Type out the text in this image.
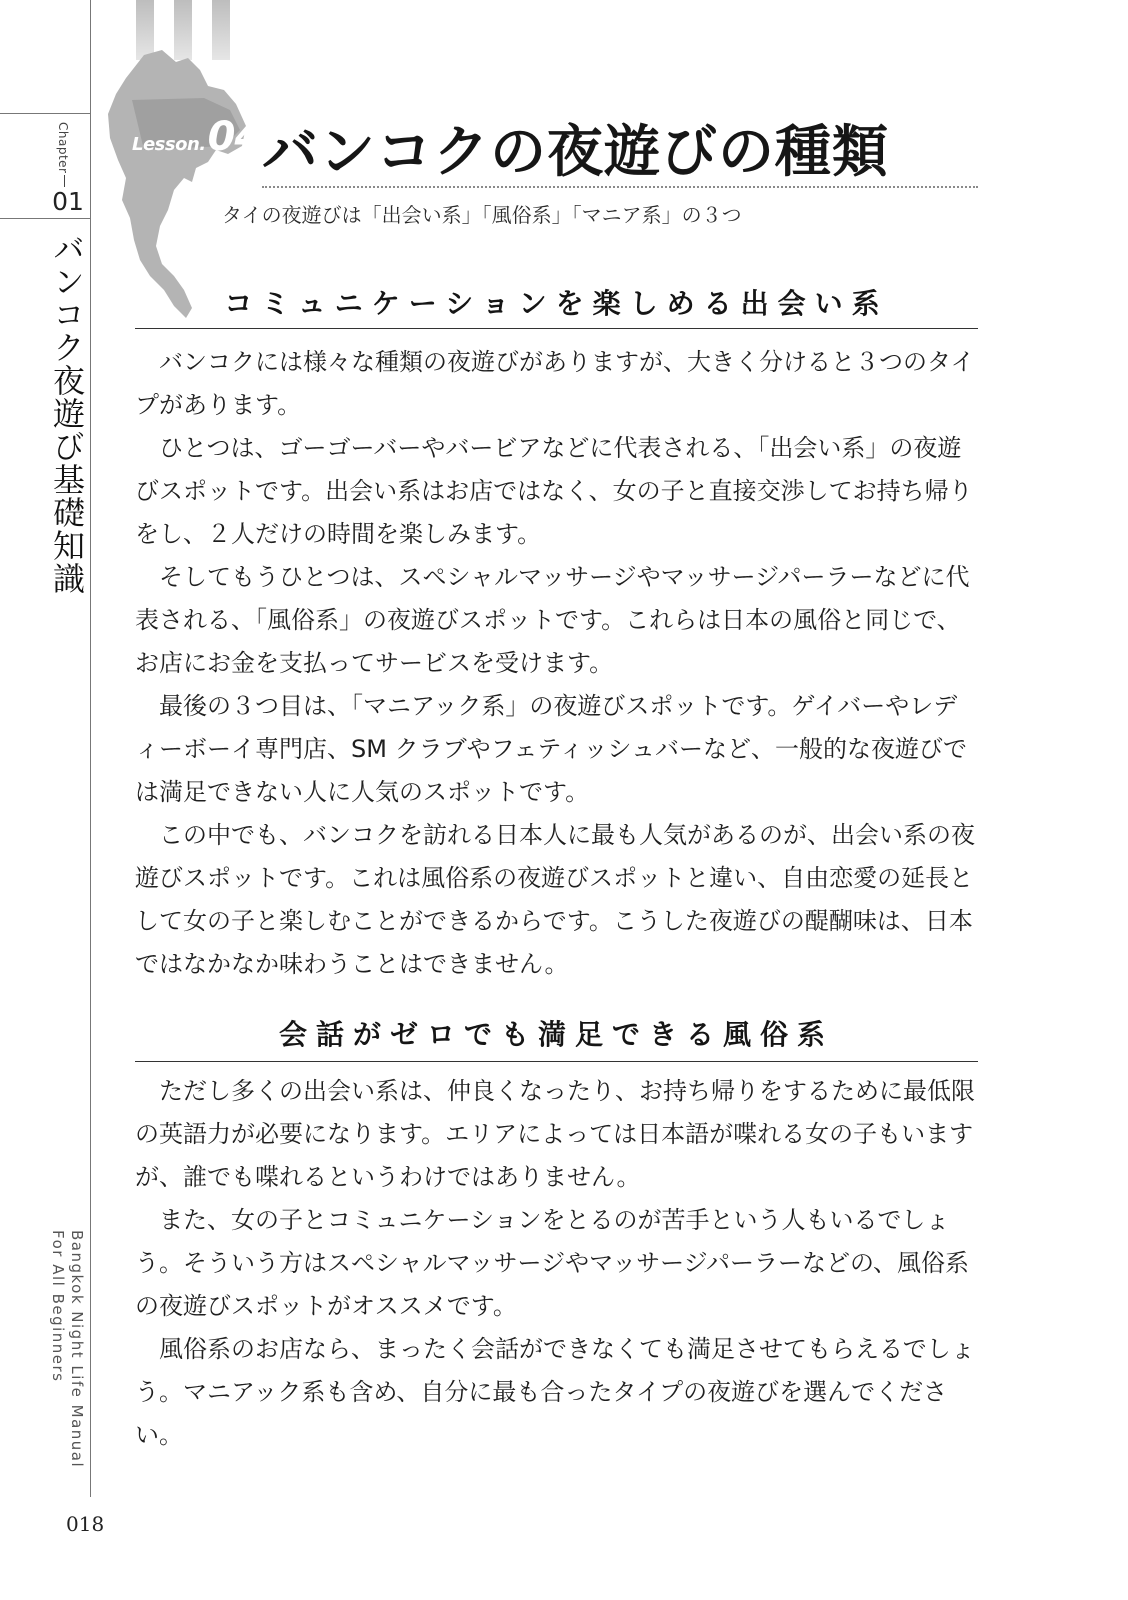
Chapter
01
バンコク夜遊び基礎知識
Bangkok Night Life Manual
For All Beginners
018
Lesson.04 バンコクの夜遊びの種類
タイの夜遊びは「出会い系」「風俗系」「マニア系」の３つ
コミュニケーションを楽しめる出会い系

バンコクには様々な種類の夜遊びがありますが、大きく分けると３つのタイプがあります。

ひとつは、ゴーゴーバーやバービアなどに代表される、「出会い系」の夜遊びスポットです。出会い系はお店ではなく、女の子と直接交渉してお持ち帰りをし、２人だけの時間を楽しみます。

そしてもうひとつは、スペシャルマッサージやマッサージパーラーなどに代表される、「風俗系」の夜遊びスポットです。これらは日本の風俗と同じで、お店にお金を支払ってサービスを受けます。

最後の３つ目は、「マニアック系」の夜遊びスポットです。ゲイバーやレディーボーイ専門店、SM クラブやフェティッシュバーなど、一般的な夜遊びでは満足できない人に人気のスポットです。

この中でも、バンコクを訪れる日本人に最も人気があるのが、出会い系の夜遊びスポットです。これは風俗系の夜遊びスポットと違い、自由恋愛の延長として女の子と楽しむことができるからです。こうした夜遊びの醍醐味は、日本ではなかなか味わうことはできません。

会話がゼロでも満足できる風俗系

ただし多くの出会い系は、仲良くなったり、お持ち帰りをするために最低限の英語力が必要になります。エリアによっては日本語が喋れる女の子もいますが、誰でも喋れるというわけではありません。

また、女の子とコミュニケーションをとるのが苦手という人もいるでしょう。そういう方はスペシャルマッサージやマッサージパーラーなどの、風俗系の夜遊びスポットがオススメです。

風俗系のお店なら、まったく会話ができなくても満足させてもらえるでしょう。マニアック系も含め、自分に最も合ったタイプの夜遊びを選んでください。
